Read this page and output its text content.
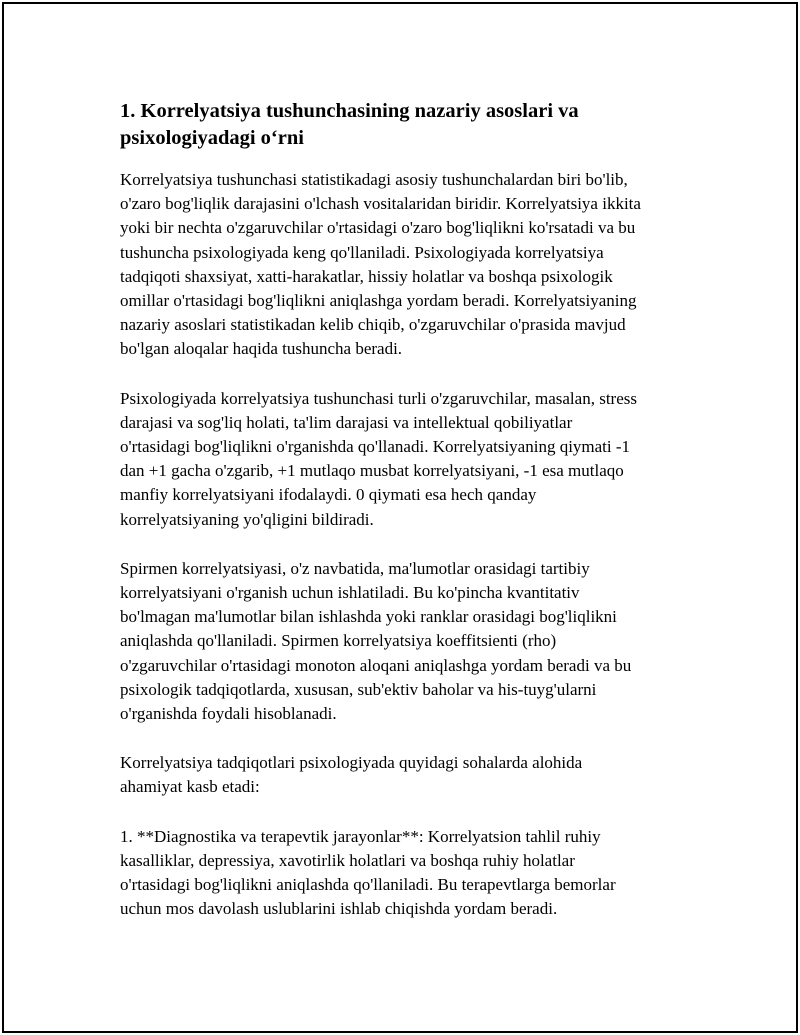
1. Korrelyatsiya tushunchasining nazariy asoslari va
psixologiyadagi o‘rni

Korrelyatsiya tushunchasi statistikadagi asosiy tushunchalardan biri bo'lib,
o'zaro bog'liqlik darajasini o'lchash vositalaridan biridir. Korrelyatsiya ikkita
yoki bir nechta o'zgaruvchilar o'rtasidagi o'zaro bog'liqlikni ko'rsatadi va bu
tushuncha psixologiyada keng qo'llaniladi. Psixologiyada korrelyatsiya
tadqiqoti shaxsiyat, xatti-harakatlar, hissiy holatlar va boshqa psixologik
omillar o'rtasidagi bog'liqlikni aniqlashga yordam beradi. Korrelyatsiyaning
nazariy asoslari statistikadan kelib chiqib, o'zgaruvchilar o'prasida mavjud
bo'lgan aloqalar haqida tushuncha beradi.

Psixologiyada korrelyatsiya tushunchasi turli o'zgaruvchilar, masalan, stress
darajasi va sog'liq holati, ta'lim darajasi va intellektual qobiliyatlar
o'rtasidagi bog'liqlikni o'rganishda qo'llanadi. Korrelyatsiyaning qiymati -1
dan +1 gacha o'zgarib, +1 mutlaqo musbat korrelyatsiyani, -1 esa mutlaqo
manfiy korrelyatsiyani ifodalaydi. 0 qiymati esa hech qanday
korrelyatsiyaning yo'qligini bildiradi.

Spirmen korrelyatsiyasi, o'z navbatida, ma'lumotlar orasidagi tartibiy
korrelyatsiyani o'rganish uchun ishlatiladi. Bu ko'pincha kvantitativ
bo'lmagan ma'lumotlar bilan ishlashda yoki ranklar orasidagi bog'liqlikni
aniqlashda qo'llaniladi. Spirmen korrelyatsiya koeffitsienti (rho)
o'zgaruvchilar o'rtasidagi monoton aloqani aniqlashga yordam beradi va bu
psixologik tadqiqotlarda, xususan, sub'ektiv baholar va his-tuyg'ularni
o'rganishda foydali hisoblanadi.

Korrelyatsiya tadqiqotlari psixologiyada quyidagi sohalarda alohida
ahamiyat kasb etadi:

1. **Diagnostika va terapevtik jarayonlar**: Korrelyatsion tahlil ruhiy
kasalliklar, depressiya, xavotirlik holatlari va boshqa ruhiy holatlar
o'rtasidagi bog'liqlikni aniqlashda qo'llaniladi. Bu terapevtlarga bemorlar
uchun mos davolash uslublarini ishlab chiqishda yordam beradi.
